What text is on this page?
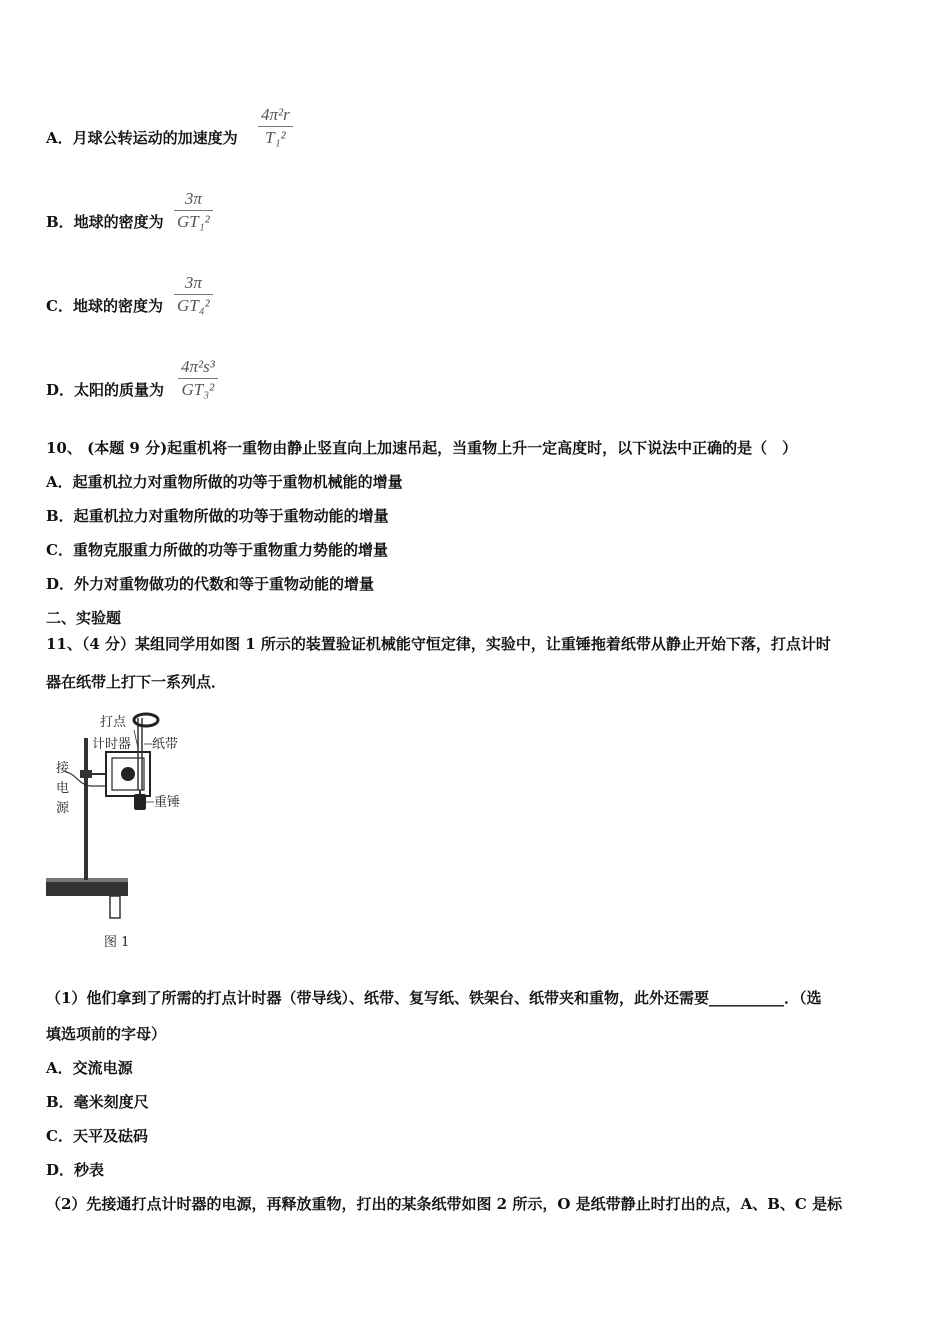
A．月球公转运动的加速度为 $\frac{\text{4π²r}}{\text{T₁²}}$
B．地球的密度为 $\frac{3\pi}{\text{GT₁²}}$
C．地球的密度为 $\frac{3\pi}{\text{GT₄²}}$
D．太阳的质量为 $\frac{\text{4π²s³}}{\text{GT₃²}}$
10、 (本题 9 分)起重机将一重物由静止竖直向上加速吊起，当重物上升一定高度时，以下说法中正确的是（　）
A．起重机拉力对重物所做的功等于重物机械能的增量
B．起重机拉力对重物所做的功等于重物动能的增量
C．重物克服重力所做的功等于重物重力势能的增量
D．外力对重物做功的代数和等于重物动能的增量
二、实验题
11、（4 分）某组同学用如图 1 所示的装置验证机械能守恒定律，实验中，让重锤拖着纸带从静止开始下落，打点计时
器在纸带上打下一系列点．
打点
计时器 纸带
接
电
源	重锤
图 1
（1）他们拿到了所需的打点计时器（带导线）、纸带、复写纸、铁架台、纸带夹和重物，此外还需要__________．（选
填选项前的字母）
A．交流电源
B．毫米刻度尺
C．天平及砝码
D．秒表
（2）先接通打点计时器的电源，再释放重物，打出的某条纸带如图 2 所示，O 是纸带静止时打出的点，A、B、C 是标
